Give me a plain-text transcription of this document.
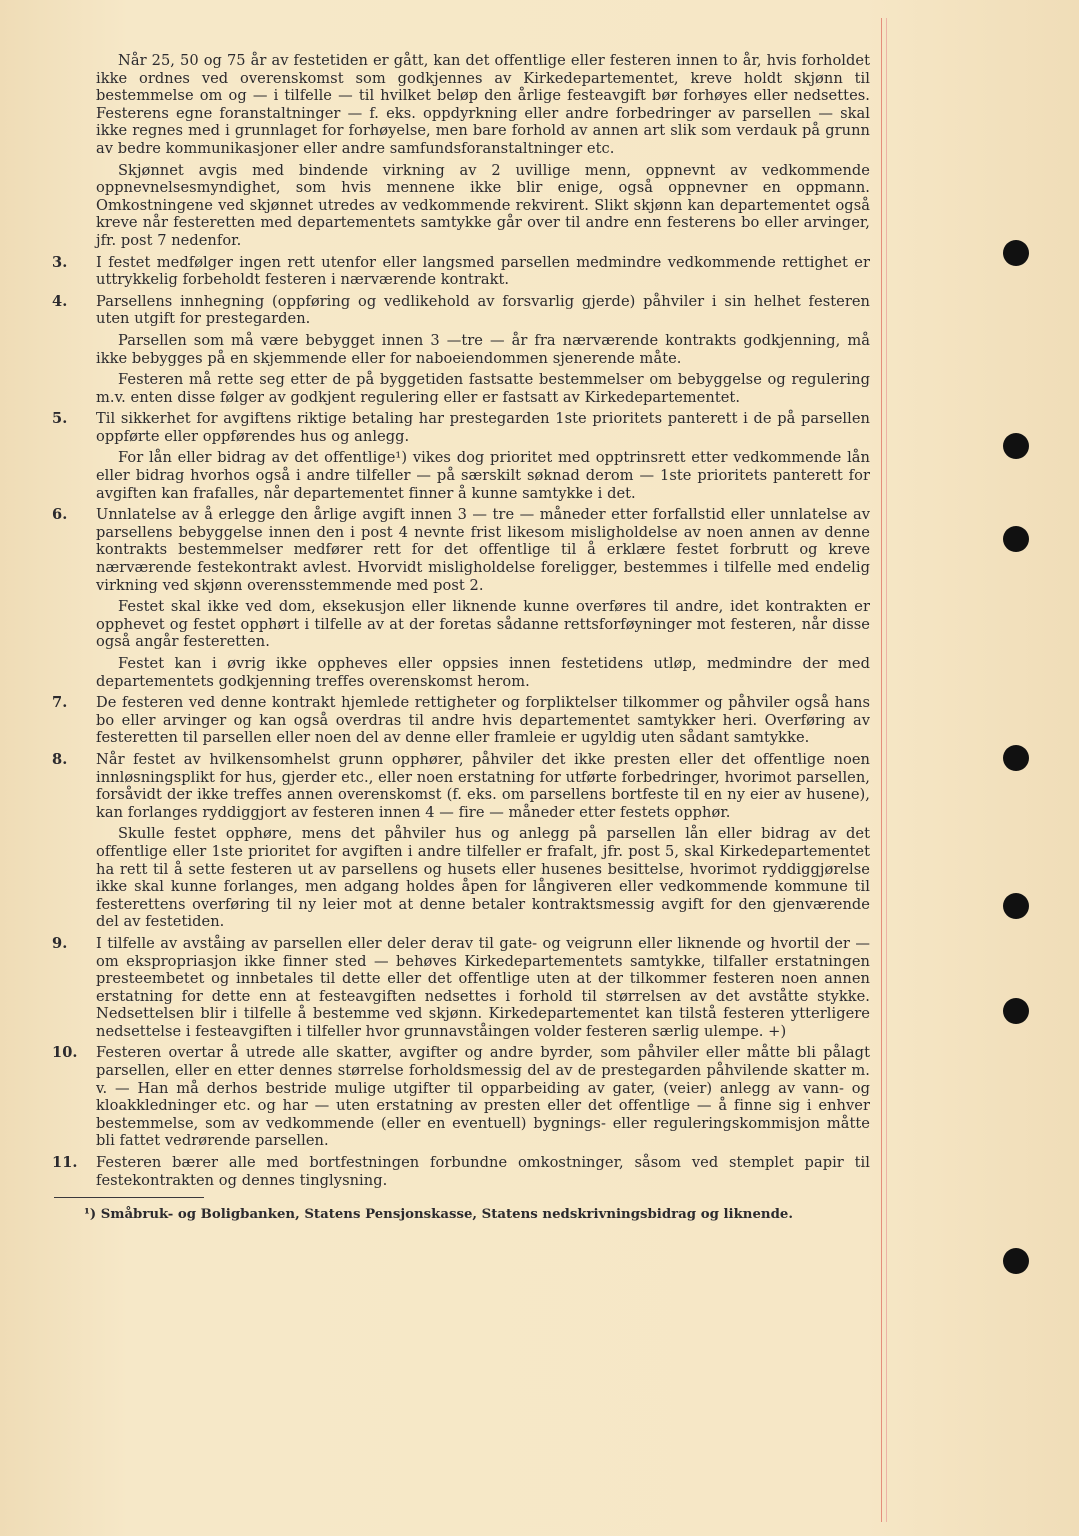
Når 25, 50 og 75 år av festetiden er gått, kan det offentlige eller festeren innen to år, hvis forholdet ikke ordnes ved overenskomst som godkjennes av Kirkedepartementet, kreve holdt skjønn til bestemmelse om og — i tilfelle — til hvilket beløp den årlige festeavgift bør forhøyes eller nedsettes. Festerens egne foranstaltninger — f. eks. oppdyrkning eller andre forbedringer av parsellen — skal ikke regnes med i grunnlaget for forhøyelse, men bare forhold av annen art slik som verdauk på grunn av bedre kommunikasjoner eller andre samfundsforanstaltninger etc.
Skjønnet avgis med bindende virkning av 2 uvillige menn, oppnevnt av vedkommende oppnevnelsesmyndighet, som hvis mennene ikke blir enige, også oppnevner en oppmann. Omkostningene ved skjønnet utredes av vedkommende rekvirent. Slikt skjønn kan departementet også kreve når festeretten med departementets samtykke går over til andre enn festerens bo eller arvinger, jfr. post 7 nedenfor.
3.	I festet medfølger ingen rett utenfor eller langsmed parsellen medmindre vedkommende rettighet er uttrykkelig forbeholdt festeren i nærværende kontrakt.
4.	Parsellens innhegning (oppføring og vedlikehold av forsvarlig gjerde) påhviler i sin helhet festeren uten utgift for prestegarden.
Parsellen som må være bebygget innen 3 —tre — år fra nærværende kontrakts godkjenning, må ikke bebygges på en skjemmende eller for naboeiendommen sjenerende måte.
Festeren må rette seg etter de på byggetiden fastsatte bestemmelser om bebyggelse og regulering m.v. enten disse følger av godkjent regulering eller er fastsatt av Kirkedepartementet.
5.	Til sikkerhet for avgiftens riktige betaling har prestegarden 1ste prioritets panterett i de på parsellen oppførte eller oppførendes hus og anlegg.
For lån eller bidrag av det offentlige¹) vikes dog prioritet med opptrinsrett etter vedkommende lån eller bidrag hvorhos også i andre tilfeller — på særskilt søknad derom — 1ste prioritets panterett for avgiften kan frafalles, når departementet finner å kunne samtykke i det.
6.	Unnlatelse av å erlegge den årlige avgift innen 3 — tre — måneder etter forfallstid eller unnlatelse av parsellens bebyggelse innen den i post 4 nevnte frist likesom misligholdelse av noen annen av denne kontrakts bestemmelser medfører rett for det offentlige til å erklære festet forbrutt og kreve nærværende festekontrakt avlest. Hvorvidt misligholdelse foreligger, bestemmes i tilfelle med endelig virkning ved skjønn overensstemmende med post 2.
Festet skal ikke ved dom, eksekusjon eller liknende kunne overføres til andre, idet kontrakten er opphevet og festet opphørt i tilfelle av at der foretas sådanne rettsforføyninger mot festeren, når disse også angår festeretten.
Festet kan i øvrig ikke oppheves eller oppsies innen festetidens utløp, medmindre der med departementets godkjenning treffes overenskomst herom.
7.	De festeren ved denne kontrakt hjemlede rettigheter og forpliktelser tilkommer og påhviler også hans bo eller arvinger og kan også overdras til andre hvis departementet samtykker heri. Overføring av festeretten til parsellen eller noen del av denne eller framleie er ugyldig uten sådant samtykke.
8.	Når festet av hvilkensomhelst grunn opphører, påhviler det ikke presten eller det offentlige noen innløsningsplikt for hus, gjerder etc., eller noen erstatning for utførte forbedringer, hvorimot parsellen, forsåvidt der ikke treffes annen overenskomst (f. eks. om parsellens bortfeste til en ny eier av husene), kan forlanges ryddiggjort av festeren innen 4 — fire — måneder etter festets opphør.
Skulle festet opphøre, mens det påhviler hus og anlegg på parsellen lån eller bidrag av det offentlige eller 1ste prioritet for avgiften i andre tilfeller er frafalt, jfr. post 5, skal Kirkedepartementet ha rett til å sette festeren ut av parsellens og husets eller husenes besittelse, hvorimot ryddiggjørelse ikke skal kunne forlanges, men adgang holdes åpen for långiveren eller vedkommende kommune til festerettens overføring til ny leier mot at denne betaler kontraktsmessig avgift for den gjenværende del av festetiden.
9.	I tilfelle av avståing av parsellen eller deler derav til gate- og veigrunn eller liknende og hvortil der — om ekspropriasjon ikke finner sted — behøves Kirkedepartementets samtykke, tilfaller erstatningen presteembetet og innbetales til dette eller det offentlige uten at der tilkommer festeren noen annen erstatning for dette enn at festeavgiften nedsettes i forhold til størrelsen av det avståtte stykke. Nedsettelsen blir i tilfelle å bestemme ved skjønn. Kirkedepartementet kan tilstå festeren ytterligere nedsettelse i festeavgiften i tilfeller hvor grunnavståingen volder festeren særlig ulempe. +)
10.	Festeren overtar å utrede alle skatter, avgifter og andre byrder, som påhviler eller måtte bli pålagt parsellen, eller en etter dennes størrelse forholdsmessig del av de prestegarden påhvilende skatter m. v. — Han må derhos bestride mulige utgifter til opparbeiding av gater, (veier) anlegg av vann- og kloakkledninger etc. og har — uten erstatning av presten eller det offentlige — å finne sig i enhver bestemmelse, som av vedkommende (eller en eventuell) bygnings- eller reguleringskommisjon måtte bli fattet vedrørende parsellen.
11.	Festeren bærer alle med bortfestningen forbundne omkostninger, såsom ved stemplet papir til festekontrakten og dennes tinglysning.
¹) Småbruk- og Boligbanken, Statens Pensjonskasse, Statens nedskrivningsbidrag og liknende.
